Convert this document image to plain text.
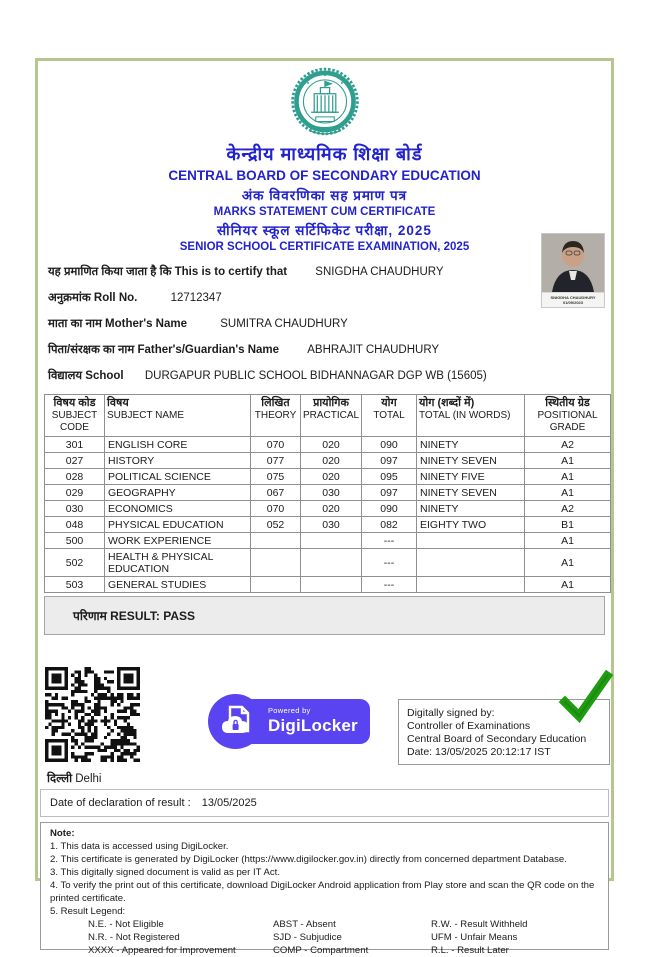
केन्द्रीय माध्यमिक शिक्षा बोर्ड
CENTRAL BOARD OF SECONDARY EDUCATION
अंक विवरणिका सह प्रमाण पत्र
MARKS STATEMENT CUM CERTIFICATE
सीनियर स्कूल सर्टिफिकेट परीक्षा, 2025
SENIOR SCHOOL CERTIFICATE EXAMINATION, 2025
यह प्रमाणित किया जाता है कि This is to certify that SNIGDHA CHAUDHURY
अनुक्रमांक Roll No.	12712347
माता का नाम Mother's Name	SUMITRA CHAUDHURY
पिता/संरक्षक का नाम Father's/Guardian's Name ABHRAJIT CHAUDHURY
विद्यालय School DURGAPUR PUBLIC SCHOOL BIDHANNAGAR DGP WB (15605)
SNIGDHA CHAUDHURY
01/09/2023
विषय कोड
SUBJECT CODE	विषय
SUBJECT NAME	लिखित
THEORY	प्रायोगिक
PRACTICAL	योग
TOTAL	योग (शब्दों में)
TOTAL (IN WORDS)	स्थितीय ग्रेड
POSITIONAL GRADE

301	ENGLISH CORE	070	020	090	NINETY	A2
027	HISTORY	077	020	097	NINETY SEVEN	A1
028	POLITICAL SCIENCE	075	020	095	NINETY FIVE	A1
029	GEOGRAPHY	067	030	097	NINETY SEVEN	A1
030	ECONOMICS	070	020	090	NINETY	A2
048	PHYSICAL EDUCATION	052	030	082	EIGHTY TWO	B1
500	WORK EXPERIENCE			---		A1
502	HEALTH & PHYSICAL EDUCATION			---		A1
503	GENERAL STUDIES			---		A1
परिणाम RESULT: PASS
Powered by
DigiLocker
Digitally signed by:
Controller of Examinations
Central Board of Secondary Education
Date: 13/05/2025 20:12:17 IST
दिल्ली Delhi
Date of declaration of result : 13/05/2025
Note:
1. This data is accessed using DigiLocker.
2. This certificate is generated by DigiLocker (https://www.digilocker.gov.in) directly from concerned department Database.
3. This digitally signed document is valid as per IT Act.
4. To verify the print out of this certificate, download DigiLocker Android application from Play store and scan the QR code on the printed certificate.
5. Result Legend:
N.E. - Not Eligible	ABST - Absent	R.W. - Result Withheld
N.R. - Not Registered	SJD - Subjudice	UFM - Unfair Means
XXXX - Appeared for Improvement	COMP - Compartment	R.L. - Result Later
